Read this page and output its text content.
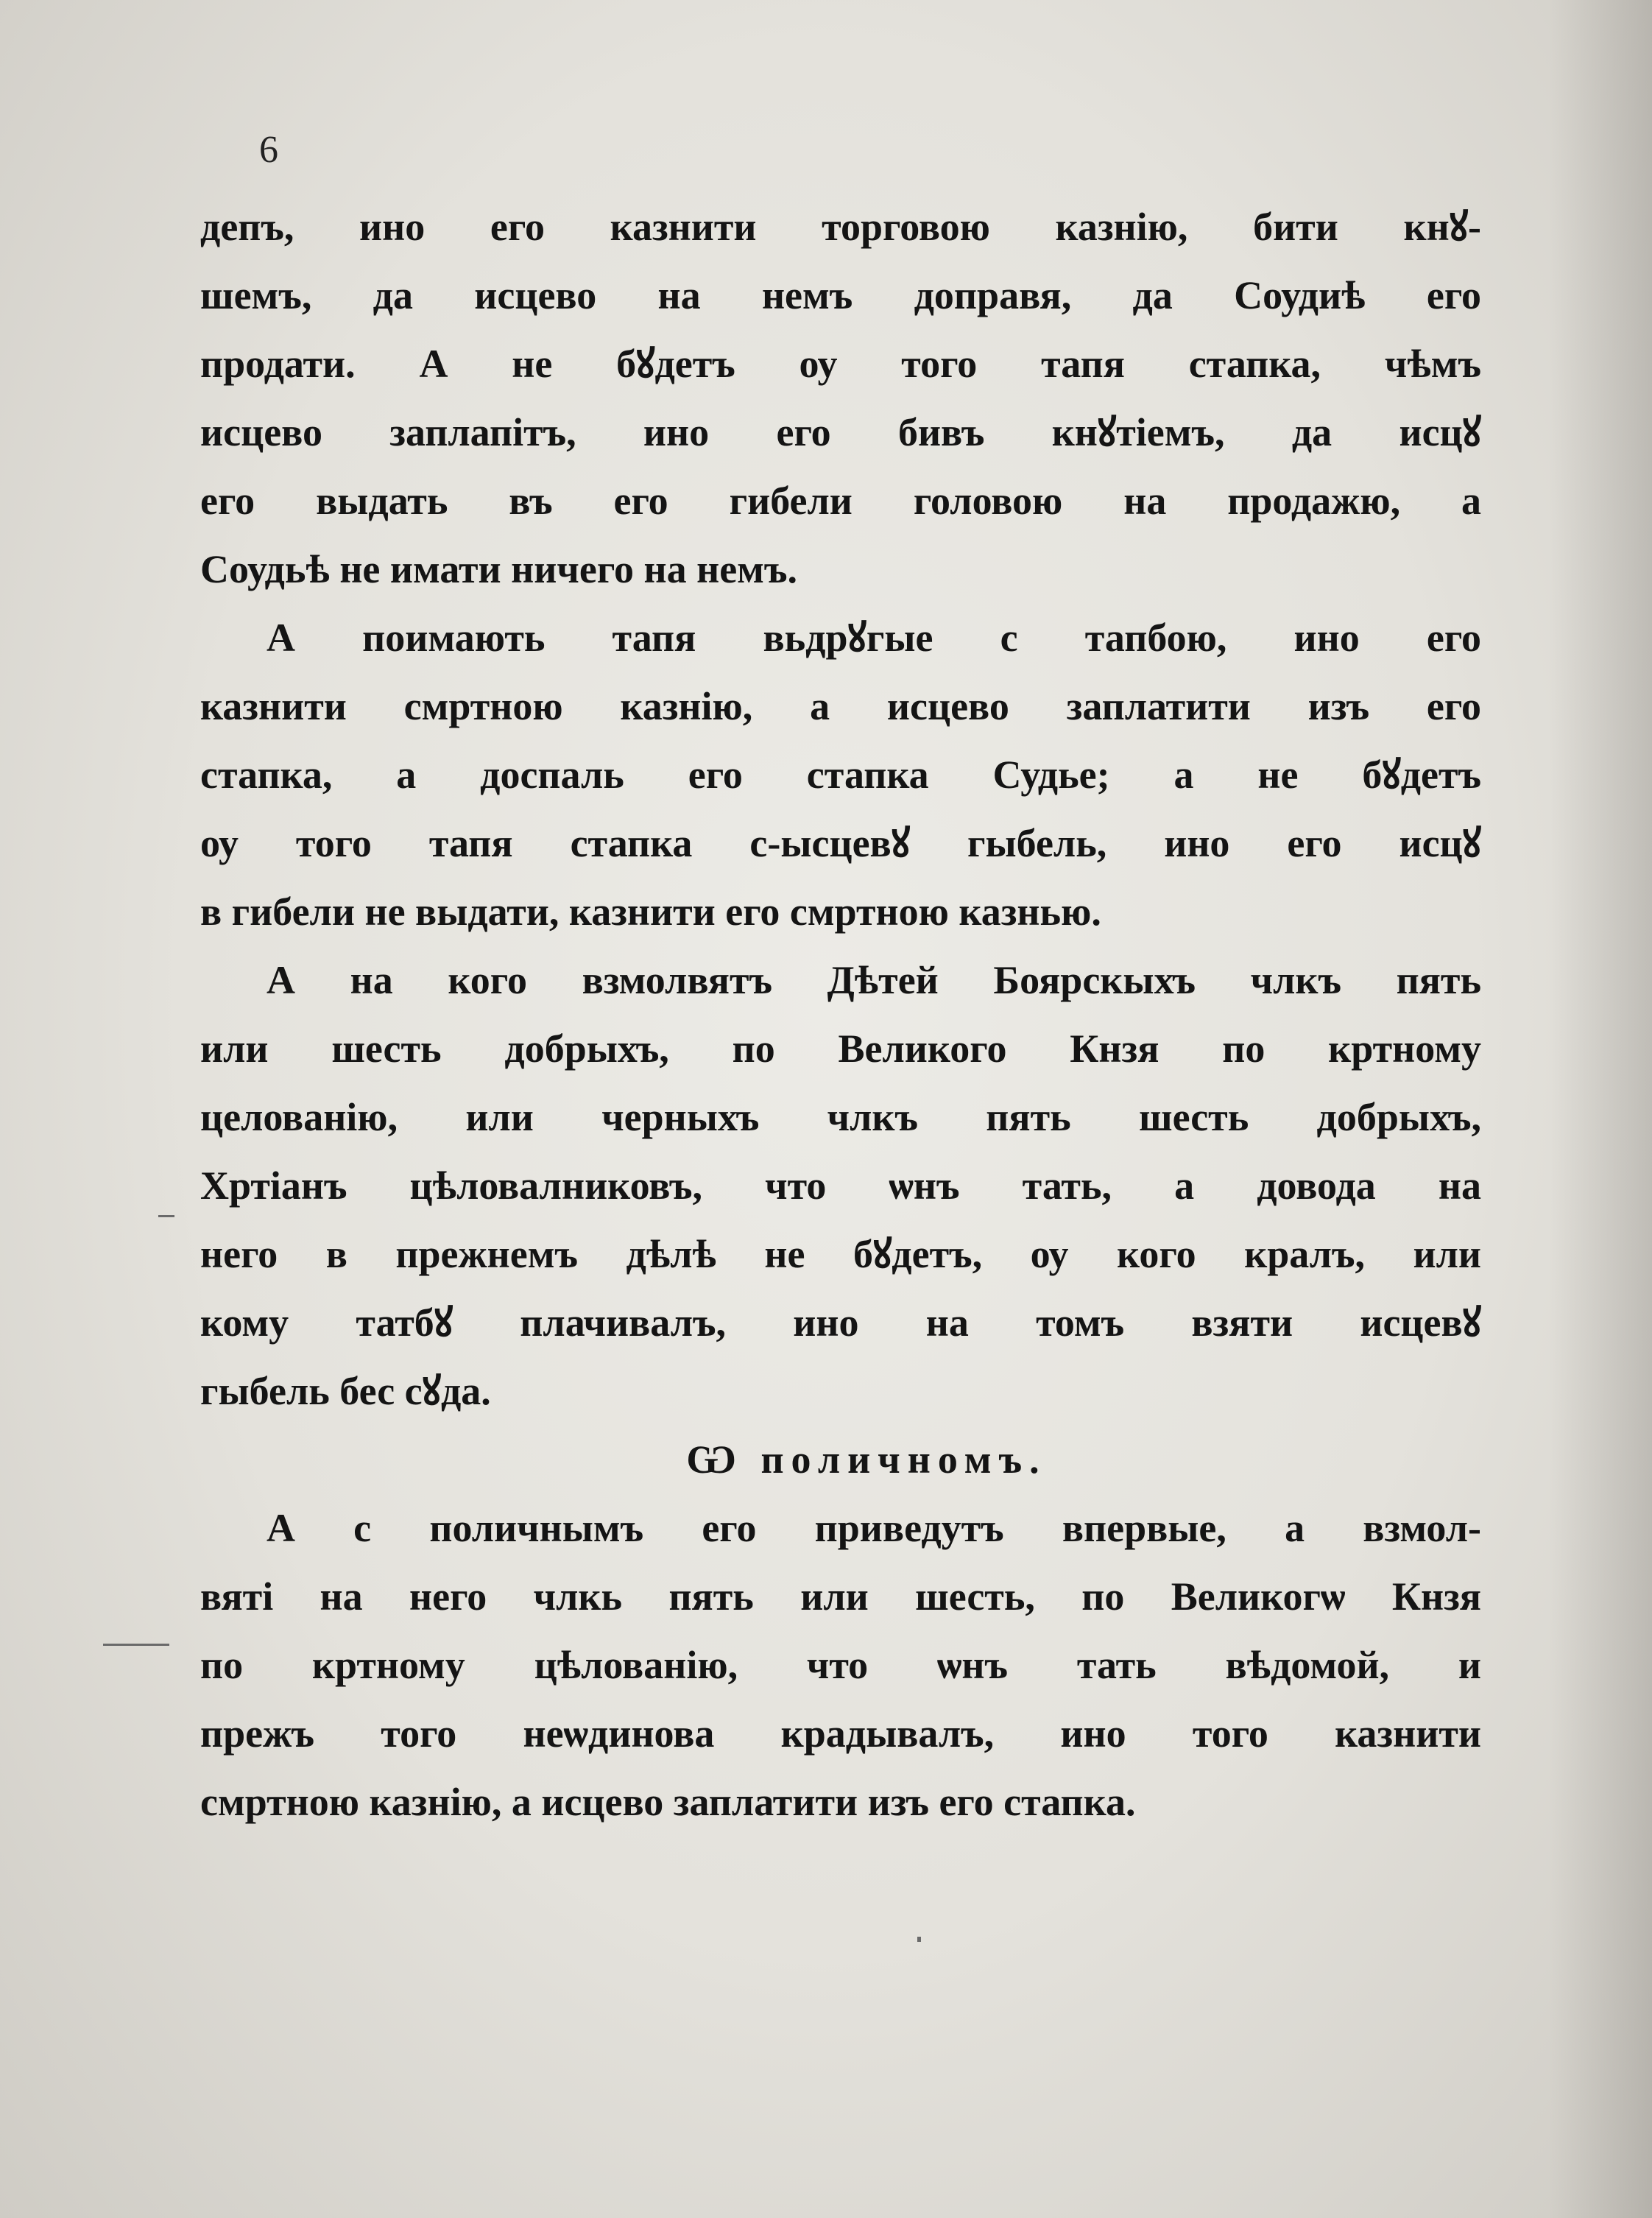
6
депъ, ино его казнити торговою казнію, бити кнꙋ-
шемъ, да исцево на немъ доправя, да Соудиѣ его
продати. А не бꙋдетъ оу того тапя стапка, чѣмъ
исцево заплапітъ, ино его бивъ кнꙋтіемъ, да исцꙋ
его выдать въ его гибели головою на продажю, а
Соудьѣ не имати ничего на немъ.
А поимають тапя вьдрꙋгые с тапбою, ино его
казнити смртною казнію, а исцево заплатити изъ его
стапка, а доспаль его стапка Судье; а не бꙋдетъ
оу того тапя стапка с-ысцевꙋ гыбель, ино его исцꙋ
в гибели не выдати, казнити его смртною казнью.
А на кого взмолвятъ Дѣтей Боярскыхъ члкъ пять
или шесть добрыхъ, по Великого Кнзя по кртному
целованію, или черныхъ члкъ пять шесть добрыхъ,
Хртіанъ цѣловалниковъ, что ѡнъ тать, а довода на
него в прежнемъ дѣлѣ не бꙋдетъ, оу кого кралъ, или
кому татбꙋ плачивалъ, ино на томъ взяти исцевꙋ
гыбель бес сꙋда.
Ѡ поличномъ.
А с поличнымъ его приведутъ впервые, а взмол-
вяті на него члкь пять или шесть, по Великогѡ Кнзя
по кртному цѣлованію, что ѡнъ тать вѣдомой, и
прежъ того неѡдинова крадывалъ, ино того казнити
смртною казнію, а исцево заплатити изъ его стапка.
